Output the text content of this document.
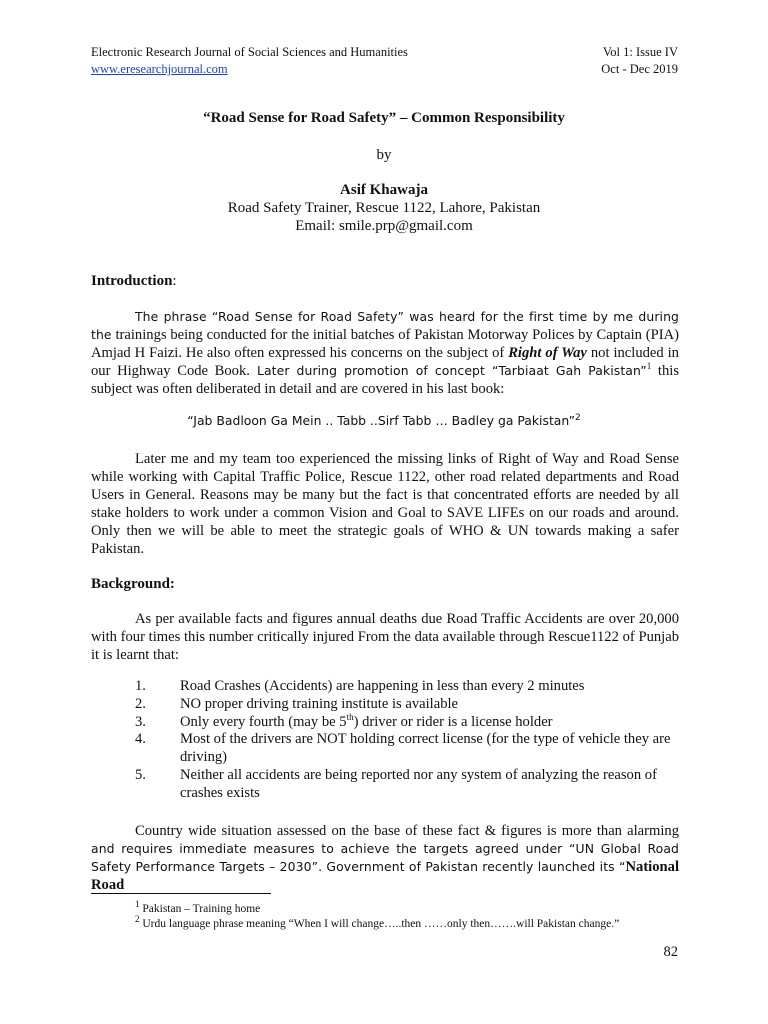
Electronic Research Journal of Social Sciences and Humanities
www.eresearchjournal.com
Vol 1: Issue IV
Oct - Dec 2019
“Road Sense for Road Safety” – Common Responsibility
by
Asif Khawaja
Road Safety Trainer, Rescue 1122, Lahore, Pakistan
Email: smile.prp@gmail.com
Introduction:

The phrase “Road Sense for Road Safety” was heard for the first time by me during the trainings being conducted for the initial batches of Pakistan Motorway Polices by Captain (PIA) Amjad H Faizi. He also often expressed his concerns on the subject of Right of Way not included in our Highway Code Book. Later during promotion of concept “Tarbiaat Gah Pakistan”$^1$ this subject was often deliberated in detail and are covered in his last book:

“Jab Badloon Ga Mein .. Tabb ..Sirf Tabb … Badley ga Pakistan”$^2$

Later me and my team too experienced the missing links of Right of Way and Road Sense while working with Capital Traffic Police, Rescue 1122, other road related departments and Road Users in General. Reasons may be many but the fact is that concentrated efforts are needed by all stake holders to work under a common Vision and Goal to SAVE LIFEs on our roads and around. Only then we will be able to meet the strategic goals of WHO & UN towards making a safer Pakistan.

Background:

As per available facts and figures annual deaths due Road Traffic Accidents are over 20,000 with four times this number critically injured From the data available through Rescue1122 of Punjab it is learnt that:

1.	Road Crashes (Accidents) are happening in less than every 2 minutes
2.	NO proper driving training institute is available
3.	Only every fourth (may be 5th) driver or rider is a license holder
4.	Most of the drivers are NOT holding correct license (for the type of vehicle they are driving)
5.	Neither all accidents are being reported nor any system of analyzing the reason of crashes exists

Country wide situation assessed on the base of these fact & figures is more than alarming and requires immediate measures to achieve the targets agreed under “UN Global Road Safety Performance Targets – 2030”. Government of Pakistan recently launched its “National Road

$^1$ Pakistan – Training home
$^2$ Urdu language phrase meaning “When I will change…..then ……only then…….will Pakistan change.”
82
